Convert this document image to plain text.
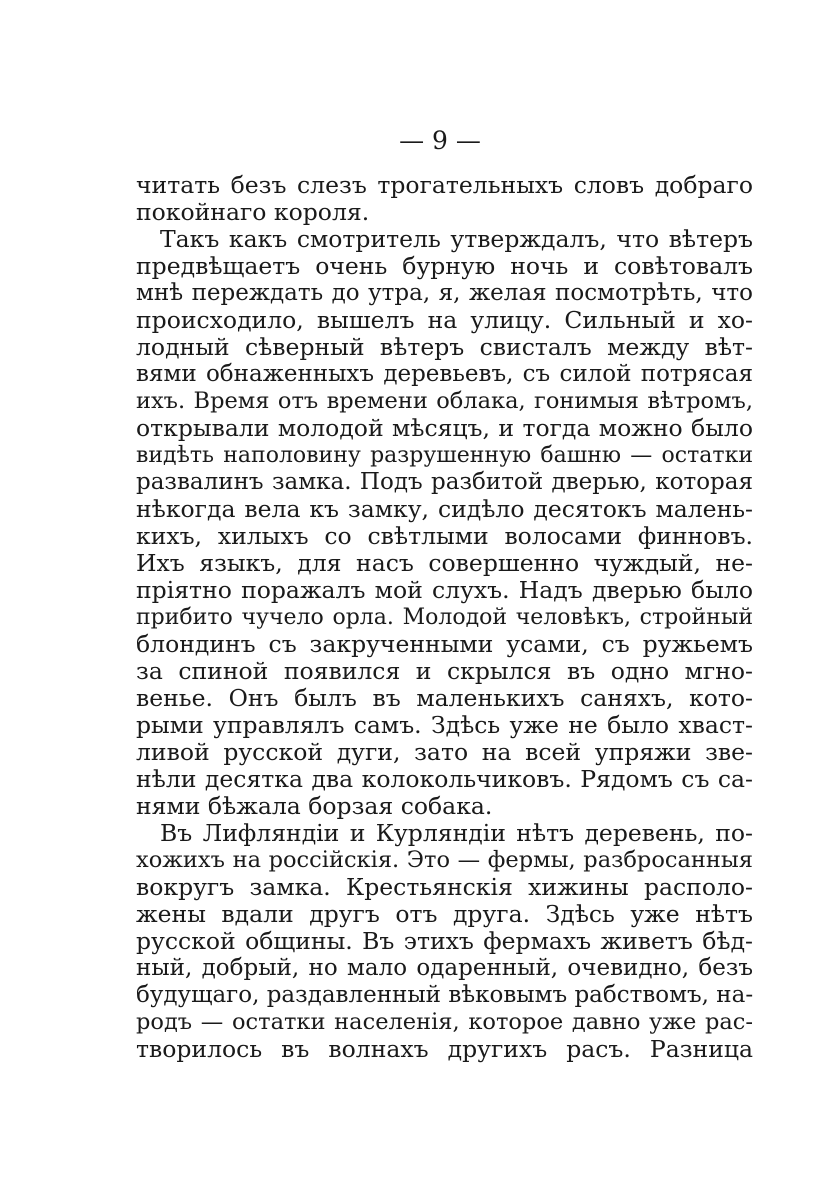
— 9 —
читать безъ слезъ трогательныхъ словъ добраго
покойнаго короля.
Такъ какъ смотритель утверждалъ, что вѣтеръ
предвѣщаетъ очень бурную ночь и совѣтовалъ
мнѣ переждать до утра, я, желая посмотрѣть, что
происходило, вышелъ на улицу. Сильный и хо-
лодный сѣверный вѣтеръ свисталъ между вѣт-
вями обнаженныхъ деревьевъ, съ силой потрясая
ихъ. Время отъ времени облака, гонимыя вѣтромъ,
открывали молодой мѣсяцъ, и тогда можно было
видѣть наполовину разрушенную башню — остатки
развалинъ замка. Подъ разбитой дверью, которая
нѣкогда вела къ замку, сидѣло десятокъ малень-
кихъ, хилыхъ со свѣтлыми волосами финновъ.
Ихъ языкъ, для насъ совершенно чуждый, не-
пріятно поражалъ мой слухъ. Надъ дверью было
прибито чучело орла. Молодой человѣкъ, стройный
блондинъ съ закрученными усами, съ ружьемъ
за спиной появился и скрылся въ одно мгно-
венье. Онъ былъ въ маленькихъ саняхъ, кото-
рыми управлялъ самъ. Здѣсь уже не было хваст-
ливой русской дуги, зато на всей упряжи зве-
нѣли десятка два колокольчиковъ. Рядомъ съ са-
нями бѣжала борзая собака.
Въ Лифляндіи и Курляндіи нѣтъ деревень, по-
хожихъ на россійскія. Это — фермы, разбросанныя
вокругъ замка. Крестьянскія хижины располо-
жены вдали другъ отъ друга. Здѣсь уже нѣтъ
русской общины. Въ этихъ фермахъ живетъ бѣд-
ный, добрый, но мало одаренный, очевидно, безъ
будущаго, раздавленный вѣковымъ рабствомъ, на-
родъ — остатки населенія, которое давно уже рас-
творилось въ волнахъ другихъ расъ. Разница
